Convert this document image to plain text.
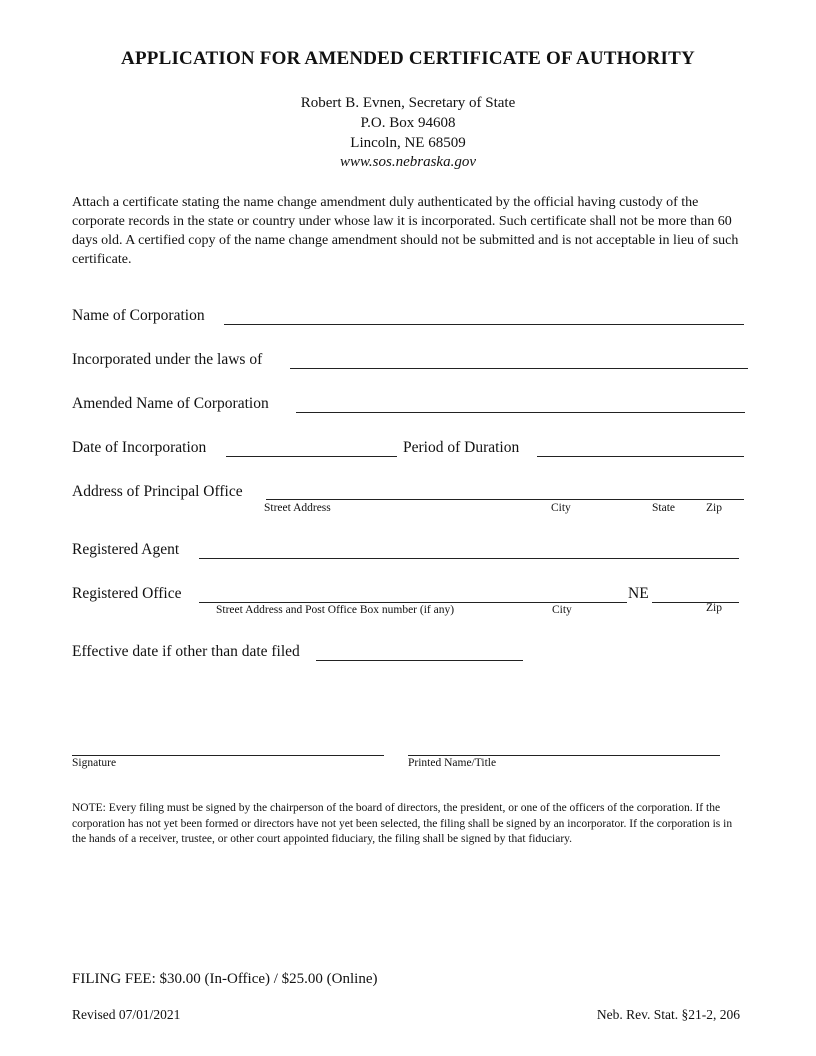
APPLICATION FOR AMENDED CERTIFICATE OF AUTHORITY
Robert B. Evnen, Secretary of State
P.O. Box 94608
Lincoln, NE 68509
www.sos.nebraska.gov
Attach a certificate stating the name change amendment duly authenticated by the official having custody of the corporate records in the state or country under whose law it is incorporated. Such certificate shall not be more than 60 days old. A certified copy of the name change amendment should not be submitted and is not acceptable in lieu of such certificate.
Name of Corporation
Incorporated under the laws of
Amended Name of Corporation
Date of Incorporation	Period of Duration
Address of Principal Office
Street Address	City	State	Zip
Registered Agent
Registered Office	NE
Street Address and Post Office Box number (if any)	City	Zip
Effective date if other than date filed
Signature	Printed Name/Title
NOTE: Every filing must be signed by the chairperson of the board of directors, the president, or one of the officers of the corporation. If the corporation has not yet been formed or directors have not yet been selected, the filing shall be signed by an incorporator. If the corporation is in the hands of a receiver, trustee, or other court appointed fiduciary, the filing shall be signed by that fiduciary.
FILING FEE: $30.00 (In-Office) / $25.00 (Online)
Revised 07/01/2021	Neb. Rev. Stat. §21-2, 206
